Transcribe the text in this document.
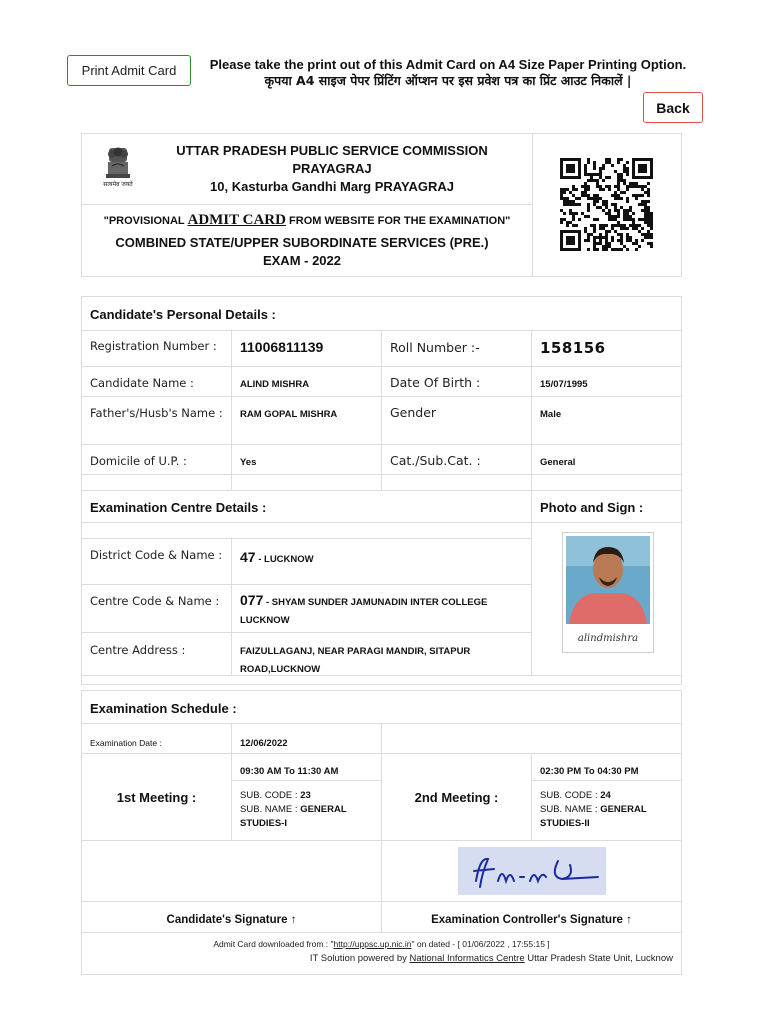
Print Admit Card	Please take the print out of this Admit Card on A4 Size Paper Printing Option.
कृपया A4 साइज पेपर प्रिंटिंग ऑप्शन पर इस प्रवेश पत्र का प्रिंट आउट निकालें |
Back
सत्यमेव जयते
UTTAR PRADESH PUBLIC SERVICE COMMISSION
PRAYAGRAJ
10, Kasturba Gandhi Marg PRAYAGRAJ
"PROVISIONAL ADMIT CARD FROM WEBSITE FOR THE EXAMINATION"
COMBINED STATE/UPPER SUBORDINATE SERVICES (PRE.)
EXAM - 2022
Candidate's Personal Details :
Registration Number :	11006811139	Roll Number :-	158156
Candidate Name :	ALIND MISHRA	Date Of Birth :	15/07/1995
Father's/Husb's Name :	RAM GOPAL MISHRA	Gender	Male
Domicile of U.P. :	Yes	Cat./Sub.Cat. :	General
Examination Centre Details :	Photo and Sign :
District Code & Name :	47 - LUCKNOW
Centre Code & Name :	077 - SHYAM SUNDER JAMUNADIN INTER COLLEGE LUCKNOW
Centre Address :	FAIZULLAGANJ, NEAR PARAGI MANDIR, SITAPUR ROAD,LUCKNOW
alindmishra
Examination Schedule :
Examination Date :	12/06/2022
1st Meeting :
09:30 AM To 11:30 AM
SUB. CODE : 23
SUB. NAME : GENERAL STUDIES-I
2nd Meeting :
02:30 PM To 04:30 PM
SUB. CODE : 24
SUB. NAME : GENERAL STUDIES-II
Candidate's Signature ↑	Examination Controller's Signature ↑
Admit Card downloaded from : "http://uppsc.up.nic.in" on dated - [ 01/06/2022 , 17:55:15 ]
IT Solution powered by National Informatics Centre Uttar Pradesh State Unit, Lucknow
